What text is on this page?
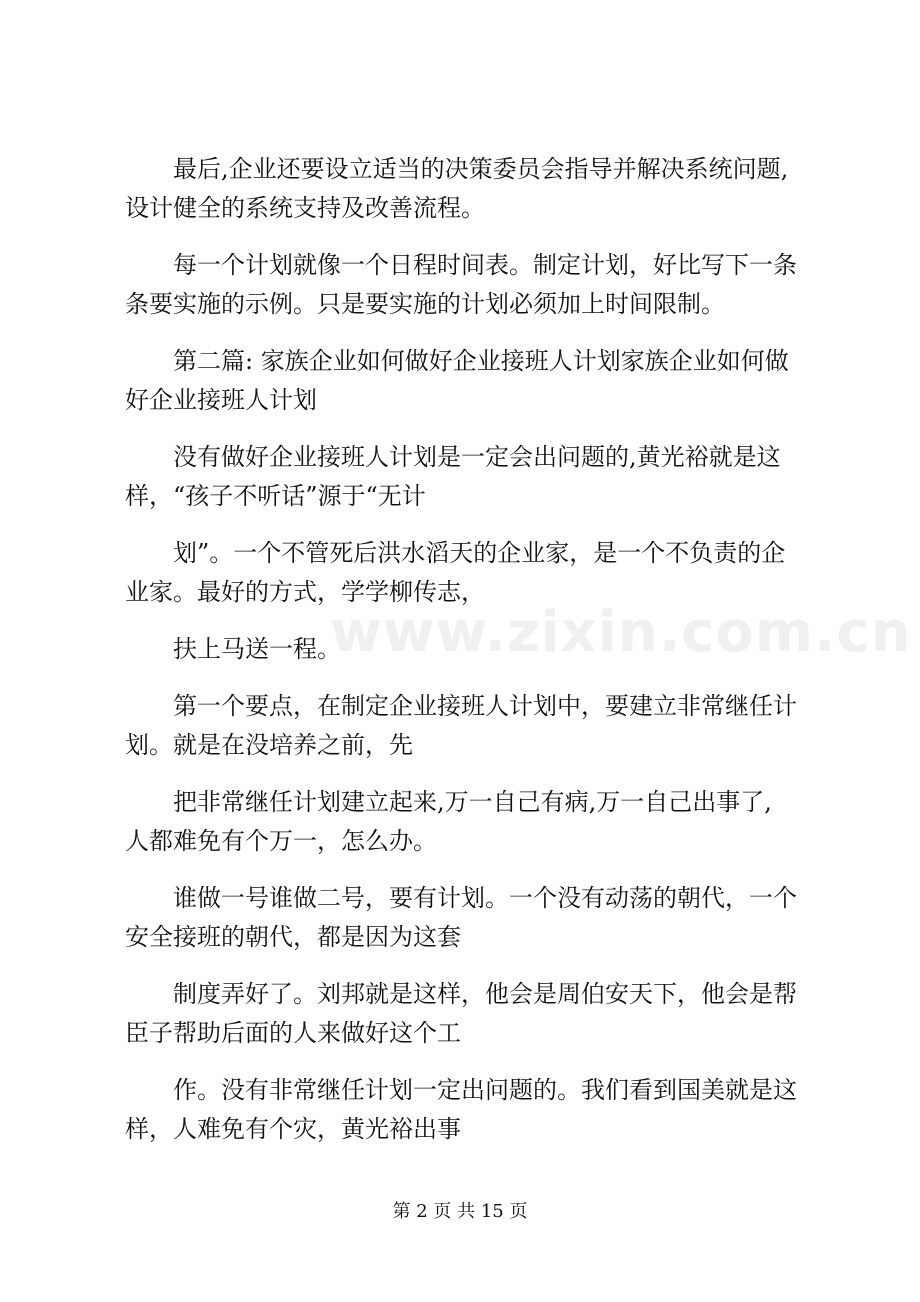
最后,企业还要设立适当的决策委员会指导并解决系统问题,
设计健全的系统支持及改善流程。

每一个计划就像一个日程时间表。制定计划，好比写下一条
条要实施的示例。只是要实施的计划必须加上时间限制。

第二篇: 家族企业如何做好企业接班人计划家族企业如何做
好企业接班人计划

没有做好企业接班人计划是一定会出问题的,黄光裕就是这
样，“孩子不听话”源于“无计

划”。一个不管死后洪水滔天的企业家，是一个不负责的企
业家。最好的方式，学学柳传志，

扶上马送一程。

第一个要点，在制定企业接班人计划中，要建立非常继任计
划。就是在没培养之前，先

把非常继任计划建立起来,万一自己有病,万一自己出事了,
人都难免有个万一，怎么办。

谁做一号谁做二号，要有计划。一个没有动荡的朝代，一个
安全接班的朝代，都是因为这套

制度弄好了。刘邦就是这样，他会是周伯安天下，他会是帮
臣子帮助后面的人来做好这个工

作。没有非常继任计划一定出问题的。我们看到国美就是这
样，人难免有个灾，黄光裕出事

www.zixin.com.cn
第 2 页 共 15 页
